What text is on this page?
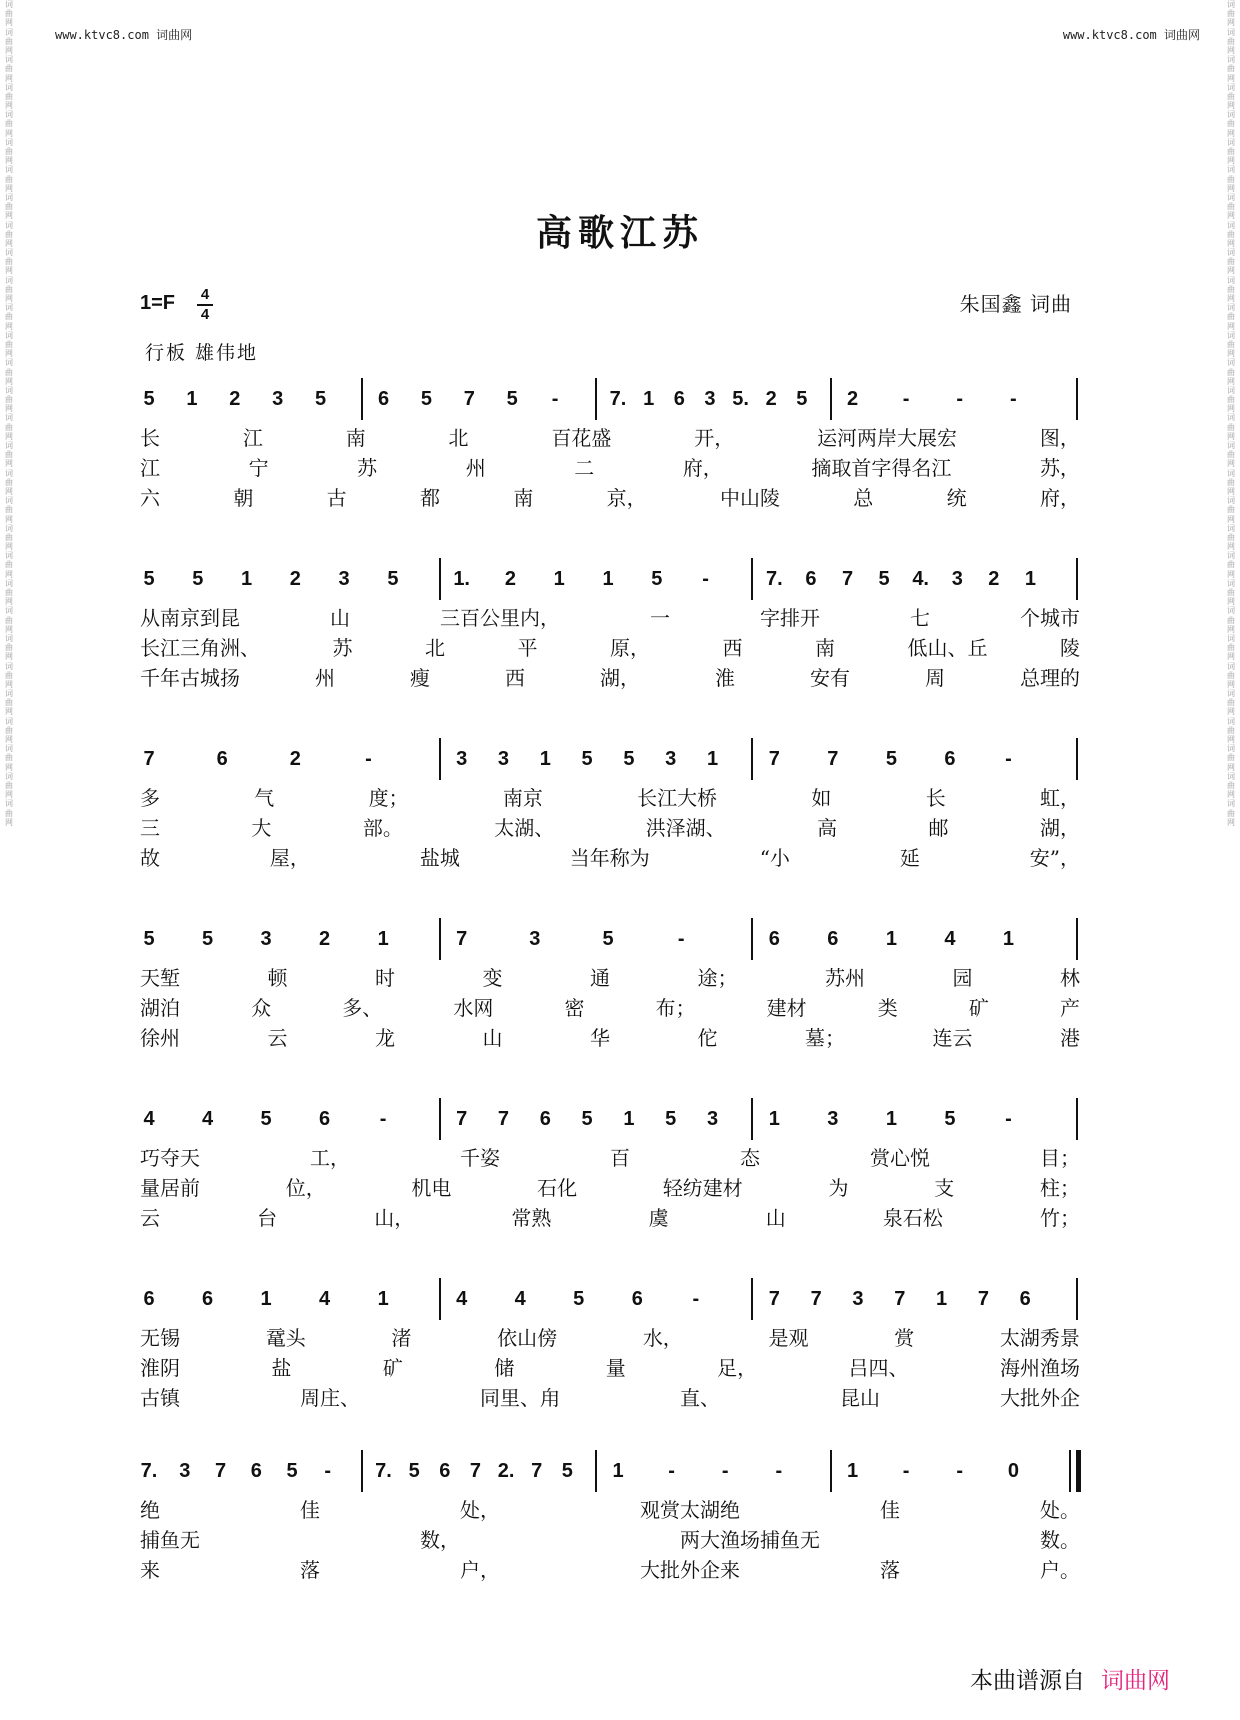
词曲网 词曲网 词曲网 词曲网 词曲网 词曲网 词曲网 词曲网 词曲网 词曲网 词曲网 词曲网 词曲网 词曲网 词曲网 词曲网 词曲网 词曲网 词曲网 词曲网 词曲网 词曲网 词曲网 词曲网 词曲网 词曲网 词曲网 词曲网 词曲网 词曲网
词曲网 词曲网 词曲网 词曲网 词曲网 词曲网 词曲网 词曲网 词曲网 词曲网 词曲网 词曲网 词曲网 词曲网 词曲网 词曲网 词曲网 词曲网 词曲网 词曲网 词曲网 词曲网 词曲网 词曲网 词曲网 词曲网 词曲网 词曲网 词曲网 词曲网
www.ktvc8.com 词曲网	www.ktvc8.com 词曲网
高歌江苏
1=F 4
4	朱国鑫 词曲
行板 雄伟地
5 1 2 3 5	6 5 7 5 -	7. 1 6 3 5. 2 5 2 - - -
长	江	南	北	百花盛	开，	运河两岸大展宏	图，
江	宁	苏	州	二	府，	摘取首字得名江	苏，
六	朝	古	都	南	京，	中山陵	总	统	府，
5 5 1 2 3 5	1. 2 1 1 5 -	7. 6 7 5 4. 3 2 1
从南京到昆	山	三百公里内，	一	字排开	七	个城市
长江三角洲、	苏	北	平	原，	西	南	低山、丘	陵
千年古城扬	州	瘦	西	湖，	淮	安有	周	总理的
7	6	2	-	3 3 1 5 5 3 1	7 7 5 6 -
多	气	度；	南京	长江大桥	如	长	虹，
三	大	部。	太湖、	洪泽湖、	高	邮	湖，
故	屋，	盐城	当年称为	“小	延	安”，
5 5 3 2 1	7	3	5	-	6 6 1 4 1
天堑	顿	时	变	通	途；	苏州	园	林
湖泊	众	多、	水网	密	布；	建材	类	矿	产
徐州	云	龙	山	华	佗	墓；	连云	港
4 4 5 6 -	7 7 6 5 1 5 3	1 3 1 5 -
巧夺天	工，	千姿	百	态	赏心悦	目；
量居前	位，	机电	石化	轻纺建材	为	支	柱；
云	台	山，	常熟	虞	山	泉石松	竹；
6 6 1 4 1	4 4 5 6 -	7 7 3 7 1 7 6
无锡	鼋头	渚	依山傍	水，	是观	赏	太湖秀景
淮阴	盐	矿	储	量	足，	吕四、	海州渔场
古镇	周庄、	同里、甪	直、	昆山	大批外企
7. 3 7 6 5 - 7. 5 6 7 2. 7 5 1 - - -	1 - - 0
绝	佳	处，	观赏太湖绝	佳	处。
捕鱼无	数，	两大渔场捕鱼无	数。
来	落	户，	大批外企来	落	户。
本曲谱源自 词曲网
